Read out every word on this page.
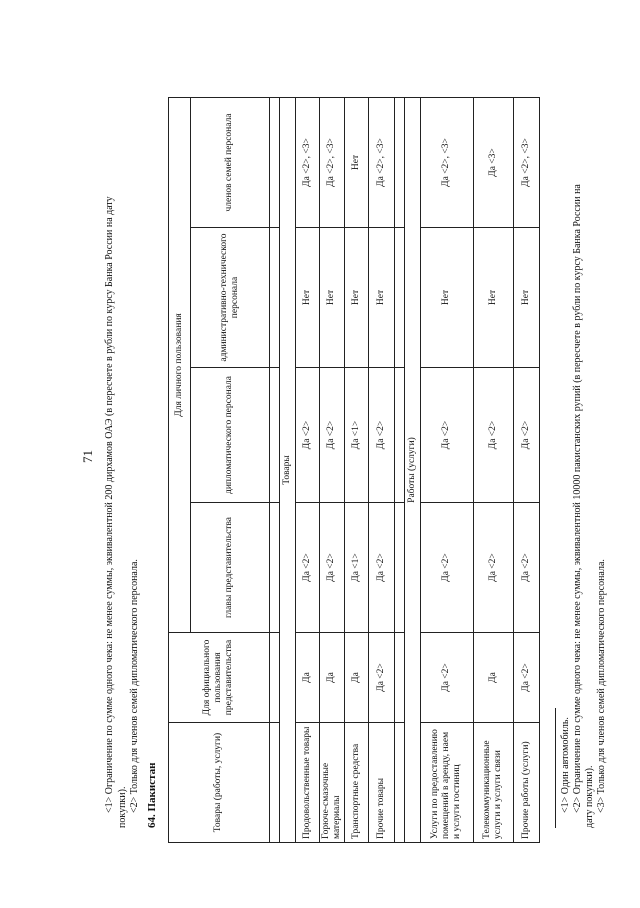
71 <1> Ограничение по сумме одного чека: не менее суммы, эквивалентной 200 дирхамов ОАЭ (в пересчете в рубли по курсу Банка России на дату покупки). <2> Только для членов семей дипломатического персонала. 64. Пакистан	Товары (работы, услуги)	Для официального пользования представительства	Для личного пользования			
		главы представительства	дипломатического персонала	административно-технического персонала	членов семей персонала

Товары					
Продовольственные товары	Да	Да <2>	Да <2>	Нет	Да <2>, <3>
Горюче-смазочные материалы	Да	Да <2>	Да <2>	Нет	Да <2>, <3>
Транспортные средства	Да	Да <1>	Да <1>	Нет	Нет
Прочие товары	Да <2>	Да <2>	Да <2>	Нет	Да <2>, <3>

Работы (услуги)					
Услуги по предоставлению помещений в аренду, наем и услуги гостиниц	Да <2>	Да <2>	Да <2>	Нет	Да <2>, <3>
Телекоммуникационные услуги и услуги связи	Да	Да <2>	Да <2>	Нет	Да <3>
Прочие работы (услуги)	Да <2>	Да <2>	Да <2>	Нет	Да <2>, <3>
<1> Один автомобиль. <2> Ограничение по сумме одного чека: не менее суммы, эквивалентной 10000 пакистанских рупий (в пересчете в рубли по курсу Банка России на дату покупки). <3> Только для членов семей дипломатического персонала.
